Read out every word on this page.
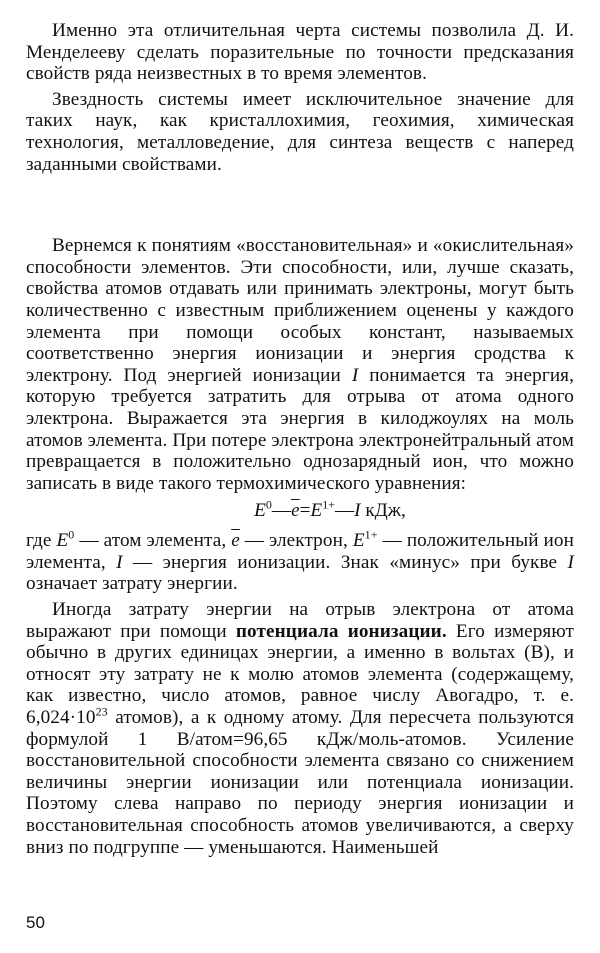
Именно эта отличительная черта системы позволила Д. И. Менделееву сделать поразительные по точности предсказания свойств ряда неизвестных в то время элементов.

Звездность системы имеет исключительное значение для таких наук, как кристаллохимия, геохимия, химическая технология, металловедение, для синтеза веществ с наперед заданными свойствами.

Вернемся к понятиям «восстановительная» и «окислительная» способности элементов. Эти способности, или, лучше сказать, свойства атомов отдавать или принимать электроны, могут быть количественно с известным приближением оценены у каждого элемента при помощи особых констант, называемых соответственно энергия ионизации и энергия сродства к электрону. Под энергией ионизации I понимается та энергия, которую требуется затратить для отрыва от атома одного электрона. Выражается эта энергия в килоджоулях на моль атомов элемента. При потере электрона электронейтральный атом превращается в положительно однозарядный ион, что можно записать в виде такого термохимического уравнения:

$E^0—\overline{e}=E^{1+}—I$ кДж,

где $E^0$ — атом элемента, $\overline{e}$ — электрон, $E^{1+}$ — положительный ион элемента, I — энергия ионизации. Знак «минус» при букве I означает затрату энергии.

Иногда затрату энергии на отрыв электрона от атома выражают при помощи потенциала ионизации. Его измеряют обычно в других единицах энергии, а именно в вольтах (В), и относят эту затрату не к молю атомов элемента (содержащему, как известно, число атомов, равное числу Авогадро, т. е. $6,024\cdot 10^{23}$ атомов), а к одному атому. Для пересчета пользуются формулой 1 В/атом=96,65 кДж/моль-атомов. Усиление восстановительной способности элемента связано со снижением величины энергии ионизации или потенциала ионизации. Поэтому слева направо по периоду энергия ионизации и восстановительная способность атомов увеличиваются, а сверху вниз по подгруппе — уменьшаются. Наименьшей

50
